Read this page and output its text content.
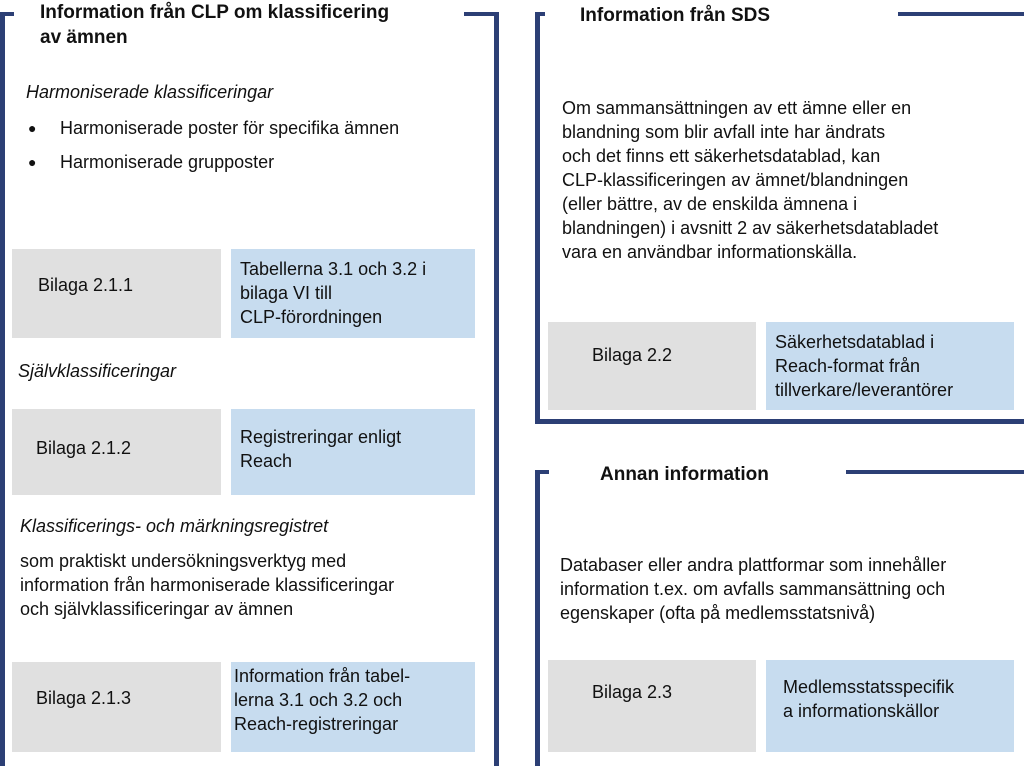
Information från CLP om klassificering
av ämnen
Harmoniserade klassificeringar
● Harmoniserade poster för specifika ämnen
● Harmoniserade grupposter
Bilaga 2.1.1
Tabellerna 3.1 och 3.2 i
bilaga VI till
CLP-förordningen
Självklassificeringar
Bilaga 2.1.2
Registreringar enligt
Reach
Klassificerings- och märkningsregistret
som praktiskt undersökningsverktyg med
information från harmoniserade klassificeringar
och självklassificeringar av ämnen
Bilaga 2.1.3
Information från tabel-
lerna 3.1 och 3.2 och
Reach-registreringar
Information från SDS
Om sammansättningen av ett ämne eller en
blandning som blir avfall inte har ändrats
och det finns ett säkerhetsdatablad, kan
CLP-klassificeringen av ämnet/blandningen
(eller bättre, av de enskilda ämnena i
blandningen) i avsnitt 2 av säkerhetsdatabladet
vara en användbar informationskälla.
Bilaga 2.2
Säkerhetsdatablad i
Reach-format från
tillverkare/leverantörer
Annan information
Databaser eller andra plattformar som innehåller
information t.ex. om avfalls sammansättning och
egenskaper (ofta på medlemsstatsnivå)
Bilaga 2.3	Medlemsstatsspecifik
a informationskällor
